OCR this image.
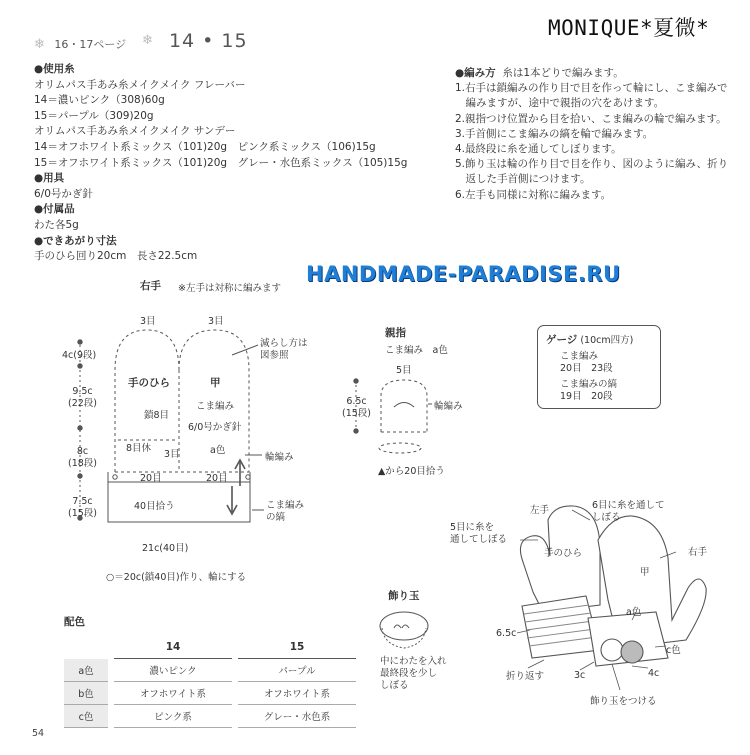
❄ 16・17ページ ❄ 14 • 15
MONIQUE*夏微*
●使用糸
オリムパス手あみ糸メイクメイク フレーバー
14＝濃いピンク（308)60g
15＝パープル（309)20g
オリムパス手あみ糸メイクメイク サンデー
14＝オフホワイト系ミックス（101)20g　ピンク系ミックス（106)15g
15＝オフホワイト系ミックス（101)20g　グレー・水色系ミックス（105)15g
●用具
6/0号かぎ針
●付属品
わた各5g
●できあがり寸法
手のひら回り20cm　長さ22.5cm
●編み方 糸は1本どりで編みます。
1.右手は鎖編みの作り目で目を作って輪にし、こま編みで
　編みますが、途中で親指の穴をあけます。
2.親指つけ位置から目を拾い、こま編みの輪で編みます。
3.手首側にこま編みの縞を輪で編みます。
4.最終段に糸を通してしぼります。
5.飾り玉は輪の作り目で目を作り、図のように編み、折り
　返した手首側につけます。
6.左手も同様に対称に編みます。
HANDMADE-PARADISE.RU
右手 ※左手は対称に編みます
3目	3目
減らし方は
図参照
4c(9段)
9.5c
(22段)
8c
(18段)
7.5c
(15段)
手のひら	甲
鎖8目
こま編み
6/0号かぎ針
8目休
3目	a色
輪編み
20目	20目
40目拾う	こま編み
の縞
21c(40目)
○＝20c(鎖40目)作り、輪にする
親指
こま編み　a色
5目
6.5c
(15段)
輪編み
▲から20目拾う
ゲージ (10cm四方)
こま編み
20目　23段
こま編みの縞
19目　20段
左手	6目に糸を通して
しぼる
5目に糸を
通してしぼる
手のひら
甲
右手
a色
6.5c
c色
折り返す	3c	4c
飾り玉をつける
飾り玉
中にわたを入れ
最終段を少し
しぼる
配色
	14	15
a色	濃いピンク	パープル
b色	オフホワイト系	オフホワイト系
c色	ピンク系	グレー・水色系
54
